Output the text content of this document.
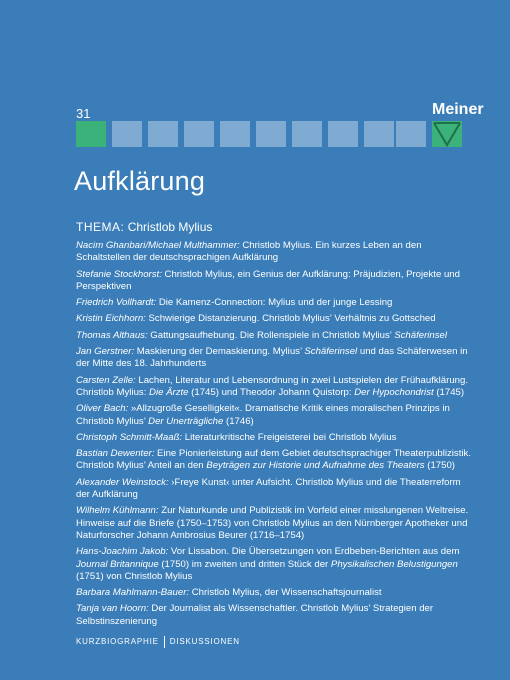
31	Meiner
Aufklärung
THEMA: Christlob Mylius
Nacim Ghanbari/Michael Multhammer: Christlob Mylius. Ein kurzes Leben an den Schaltstellen der deutschsprachigen Aufklärung
Stefanie Stockhorst: Christlob Mylius, ein Genius der Aufklärung: Präjudizien, Projekte und Perspektiven
Friedrich Vollhardt: Die Kamenz-Connection: Mylius und der junge Lessing
Kristin Eichhorn: Schwierige Distanzierung. Christlob Mylius’ Verhältnis zu Gottsched
Thomas Althaus: Gattungsaufhebung. Die Rollenspiele in Christlob Mylius’ Schäferinsel
Jan Gerstner: Maskierung der Demaskierung. Mylius’ Schäferinsel und das Schäferwesen in der Mitte des 18. Jahrhunderts
Carsten Zelle: Lachen, Literatur und Lebensordnung in zwei Lustspielen der Frühaufklärung. Christlob Mylius: Die Ärzte (1745) und Theodor Johann Quistorp: Der Hypochondrist (1745)
Oliver Bach: »Allzugroße Geselligkeit«. Dramatische Kritik eines moralischen Prinzips in Christlob Mylius’ Der Unerträgliche (1746)
Christoph Schmitt-Maaß: Literaturkritische Freigeisterei bei Christlob Mylius
Bastian Dewenter: Eine Pionierleistung auf dem Gebiet deutschsprachiger Theaterpublizistik. Christlob Mylius’ Anteil an den Beyträgen zur Historie und Aufnahme des Theaters (1750)
Alexander Weinstock: ›Freye Kunst‹ unter Aufsicht. Christlob Mylius und die Theaterreform der Aufklärung
Wilhelm Kühlmann: Zur Naturkunde und Publizistik im Vorfeld einer misslungenen Weltreise. Hinweise auf die Briefe (1750–1753) von Christlob Mylius an den Nürnberger Apotheker und Naturforscher Johann Ambrosius Beurer (1716–1754)
Hans-Joachim Jakob: Vor Lissabon. Die Übersetzungen von Erdbeben-Berichten aus dem Journal Britannique (1750) im zweiten und dritten Stück der Physikalischen Belustigungen (1751) von Christlob Mylius
Barbara Mahlmann-Bauer: Christlob Mylius, der Wissenschaftsjournalist
Tanja van Hoorn: Der Journalist als Wissenschaftler. Christlob Mylius’ Strategien der Selbstinszenierung
KURZBIOGRAPHIE DISKUSSIONEN
